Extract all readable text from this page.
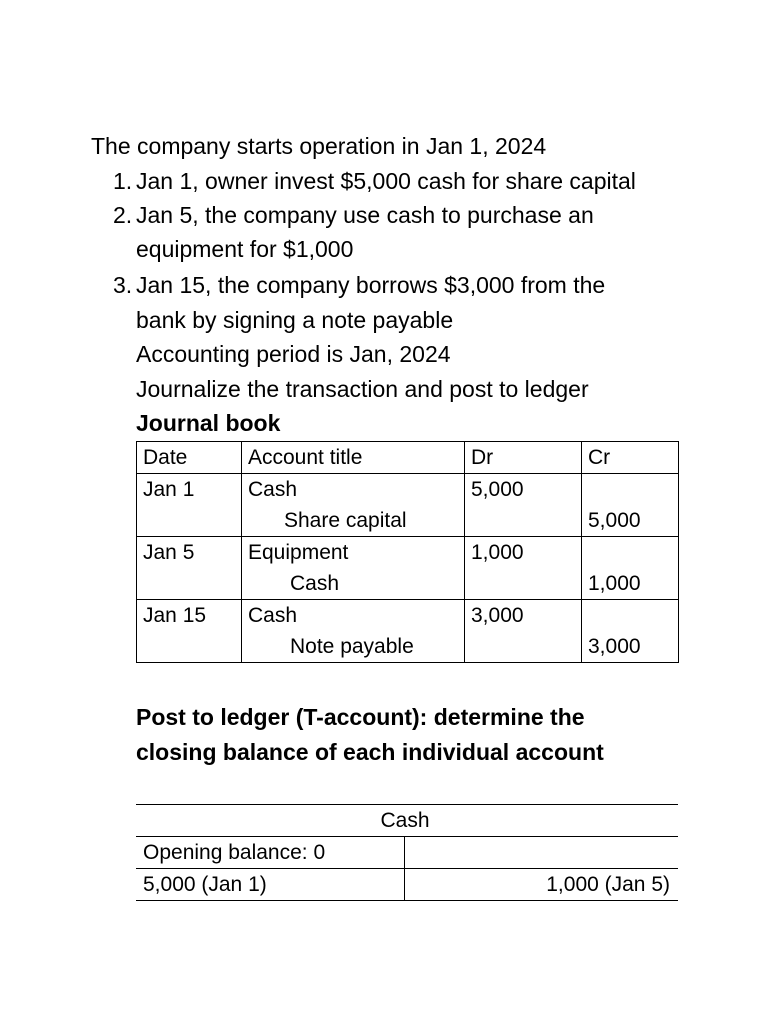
The company starts operation in Jan 1, 2024
1. Jan 1, owner invest $5,000 cash for share capital
2. Jan 5, the company use cash to purchase an
equipment for $1,000
3. Jan 15, the company borrows $3,000 from the
bank by signing a note payable
Accounting period is Jan, 2024
Journalize the transaction and post to ledger
Journal book
Date	Account title	Dr	Cr
Jan 1	Cash	5,000	
	Share capital		5,000
Jan 5	Equipment	1,000	
	Cash		1,000
Jan 15	Cash	3,000	
	Note payable		3,000
Post to ledger (T-account): determine the
closing balance of each individual account
Cash
Opening balance: 0
5,000 (Jan 1)	1,000 (Jan 5)
